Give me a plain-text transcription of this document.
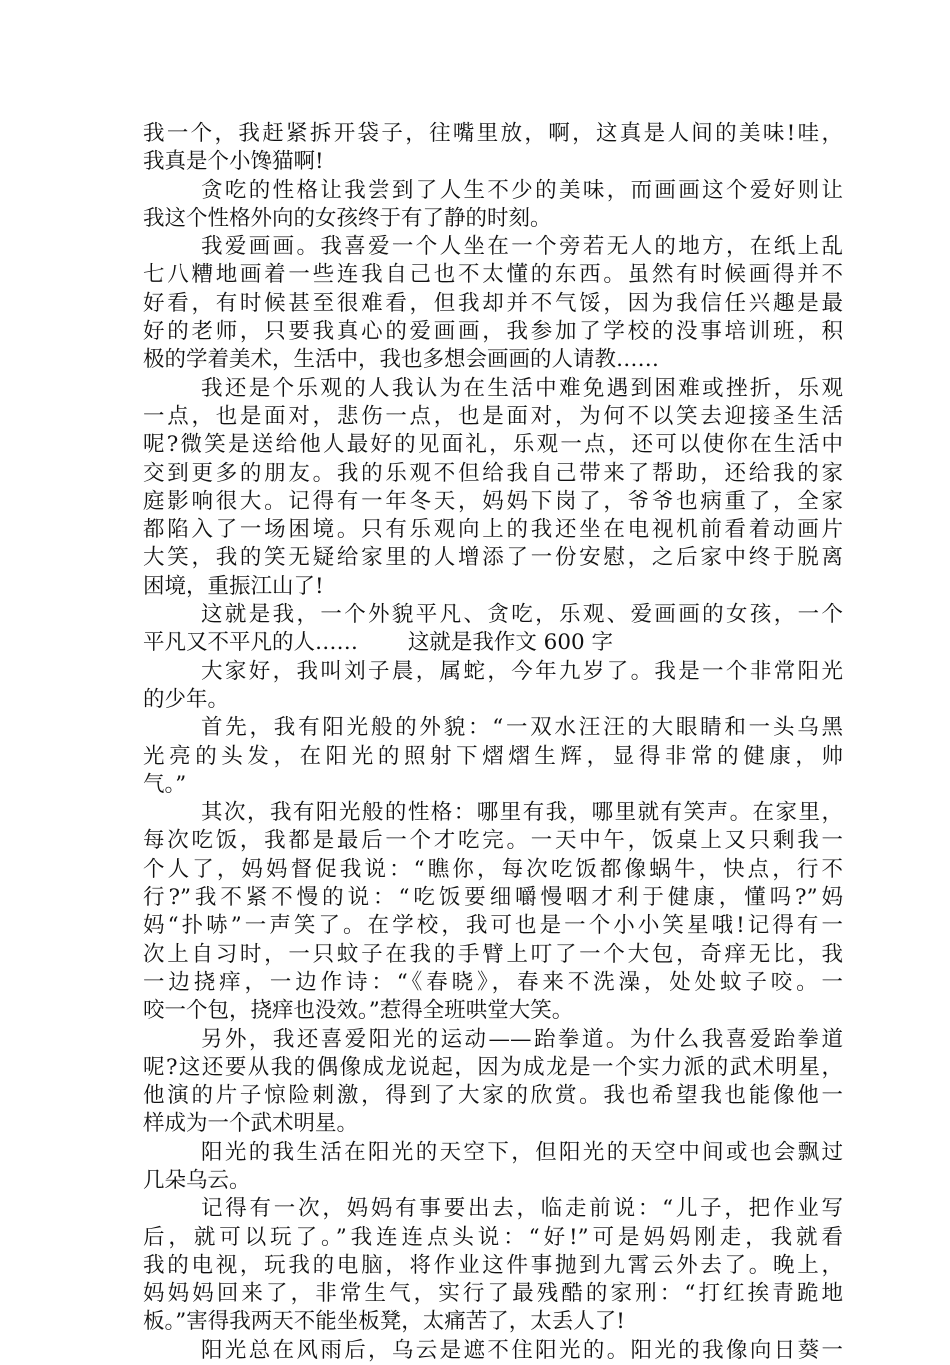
我一个，我赶紧拆开袋子，往嘴里放，啊，这真是人间的美味!哇，
我真是个小馋猫啊!
贪吃的性格让我尝到了人生不少的美味，而画画这个爱好则让
我这个性格外向的女孩终于有了静的时刻。
我爱画画。我喜爱一个人坐在一个旁若无人的地方，在纸上乱
七八糟地画着一些连我自己也不太懂的东西。虽然有时候画得并不
好看，有时候甚至很难看，但我却并不气馁，因为我信任兴趣是最
好的老师，只要我真心的爱画画，我参加了学校的没事培训班，积
极的学着美术，生活中，我也多想会画画的人请教……
我还是个乐观的人我认为在生活中难免遇到困难或挫折，乐观
一点，也是面对，悲伤一点，也是面对，为何不以笑去迎接圣生活
呢?微笑是送给他人最好的见面礼，乐观一点，还可以使你在生活中
交到更多的朋友。我的乐观不但给我自己带来了帮助，还给我的家
庭影响很大。记得有一年冬天，妈妈下岗了，爷爷也病重了，全家
都陷入了一场困境。只有乐观向上的我还坐在电视机前看着动画片
大笑，我的笑无疑给家里的人增添了一份安慰，之后家中终于脱离
困境，重振江山了!
这就是我，一个外貌平凡、贪吃，乐观、爱画画的女孩，一个
平凡又不平凡的人……　　 这就是我作文 600 字
大家好，我叫刘子晨，属蛇，今年九岁了。我是一个非常阳光
的少年。
首先，我有阳光般的外貌：“一双水汪汪的大眼睛和一头乌黑
光亮的头发，在阳光的照射下熠熠生辉，显得非常的健康，帅
气。”
其次，我有阳光般的性格：哪里有我，哪里就有笑声。在家里，
每次吃饭，我都是最后一个才吃完。一天中午，饭桌上又只剩我一
个人了，妈妈督促我说：“瞧你，每次吃饭都像蜗牛，快点，行不
行?”我不紧不慢的说：“吃饭要细嚼慢咽才利于健康，懂吗?”妈
妈“扑哧”一声笑了。在学校，我可也是一个小小笑星哦!记得有一
次上自习时，一只蚊子在我的手臂上叮了一个大包，奇痒无比，我
一边挠痒，一边作诗：“《春晓》，春来不洗澡，处处蚊子咬。一
咬一个包，挠痒也没效。”惹得全班哄堂大笑。
另外，我还喜爱阳光的运动——跆拳道。为什么我喜爱跆拳道
呢?这还要从我的偶像成龙说起，因为成龙是一个实力派的武术明星，
他演的片子惊险刺激，得到了大家的欣赏。我也希望我也能像他一
样成为一个武术明星。
阳光的我生活在阳光的天空下，但阳光的天空中间或也会飘过
几朵乌云。
记得有一次，妈妈有事要出去，临走前说：“儿子，把作业写
后，就可以玩了。”我连连点头说：“好!”可是妈妈刚走，我就看
我的电视，玩我的电脑，将作业这件事抛到九霄云外去了。晚上，
妈妈妈回来了，非常生气，实行了最残酷的家刑：“打红挨青跪地
板。”害得我两天不能坐板凳，太痛苦了，太丢人了!
阳光总在风雨后，乌云是遮不住阳光的。阳光的我像向日葵一
